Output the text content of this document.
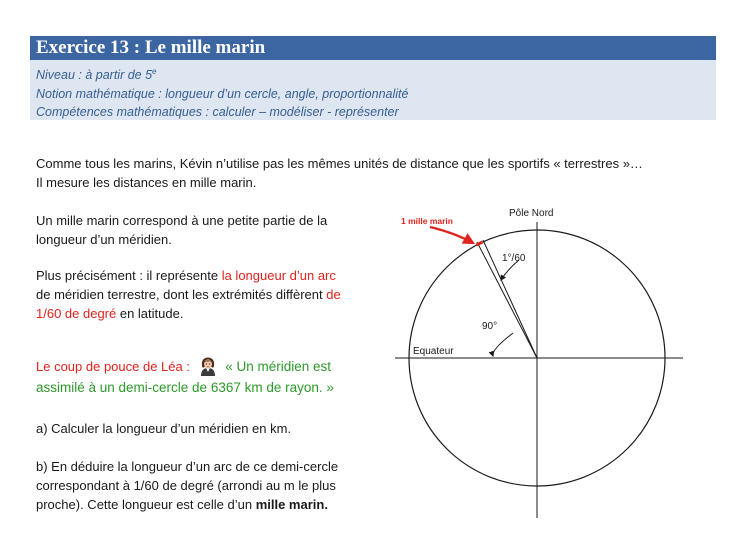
Exercice 13 : Le mille marin
Niveau : à partir de 5e
Notion mathématique : longueur d’un cercle, angle, proportionnalité
Compétences mathématiques : calculer – modéliser - représenter
Comme tous les marins, Kévin n’utilise pas les mêmes unités de distance que les sportifs « terrestres »…
Il mesure les distances en mille marin.
Un mille marin correspond à une petite partie de la
longueur d’un méridien.
Plus précisément : il représente la longueur d’un arc
de méridien terrestre, dont les extrémités diffèrent de
1/60 de degré en latitude.
Le coup de pouce de Léa :	« Un méridien est
assimilé à un demi-cercle de 6367 km de rayon. »
a) Calculer la longueur d’un méridien en km.
b) En déduire la longueur d’un arc de ce demi-cercle
correspondant à 1/60 de degré (arrondi au m le plus
proche). Cette longueur est celle d’un mille marin.
Pôle Nord
1 mille marin
1°/60
90°
Equateur
